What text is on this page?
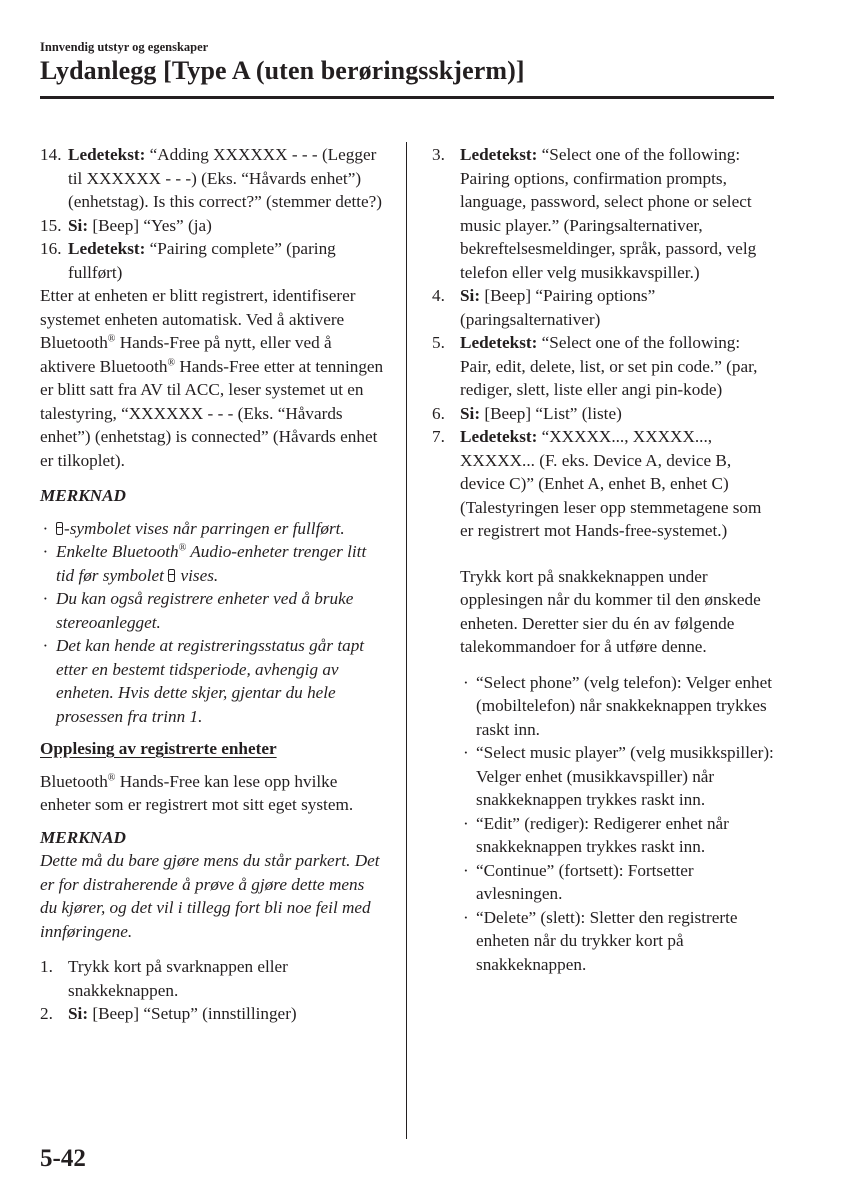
Innvendig utstyr og egenskaper
Lydanlegg [Type A (uten berøringsskjerm)]
14. Ledetekst: “Adding XXXXXX - - - (Legger til XXXXXX - - -) (Eks. “Håvards enhet”) (enhetstag). Is this correct?” (stemmer dette?)
15. Si: [Beep] “Yes” (ja)
16. Ledetekst: “Pairing complete” (paring fullført)

Etter at enheten er blitt registrert, identifiserer systemet enheten automatisk. Ved å aktivere Bluetooth® Hands-Free på nytt, eller ved å aktivere Bluetooth® Hands-Free etter at tenningen er blitt satt fra AV til ACC, leser systemet ut en talestyring, “XXXXXX - - - (Eks. “Håvards enhet”) (enhetstag) is connected” (Håvards enhet er tilkoplet).

MERKNAD
· -symbolet vises når parringen er fullført.
· Enkelte Bluetooth® Audio-enheter trenger litt tid før symbolet  vises.
· Du kan også registrere enheter ved å bruke stereoanlegget.
· Det kan hende at registreringsstatus går tapt etter en bestemt tidsperiode, avhengig av enheten. Hvis dette skjer, gjentar du hele prosessen fra trinn 1.
Opplesing av registrerte enheter

Bluetooth® Hands-Free kan lese opp hvilke enheter som er registrert mot sitt eget system.

MERKNAD

Dette må du bare gjøre mens du står parkert. Det er for distraherende å prøve å gjøre dette mens du kjører, og det vil i tillegg fort bli noe feil med innføringene.

1. Trykk kort på svarknappen eller snakkeknappen.
2. Si: [Beep] “Setup” (innstillinger)
3. Ledetekst: “Select one of the following: Pairing options, confirmation prompts, language, password, select phone or select music player.” (Paringsalternativer, bekreftelsesmeldinger, språk, passord, velg telefon eller velg musikkavspiller.)
4. Si: [Beep] “Pairing options” (paringsalternativer)
5. Ledetekst: “Select one of the following: Pair, edit, delete, list, or set pin code.” (par, rediger, slett, liste eller angi pin-kode)
6. Si: [Beep] “List” (liste)
7. Ledetekst: “XXXXX..., XXXXX..., XXXXX... (F. eks. Device A, device B, device C)” (Enhet A, enhet B, enhet C) (Talestyringen leser opp stemmetagene som er registrert mot Hands-free-systemet.)

Trykk kort på snakkeknappen under opplesingen når du kommer til den ønskede enheten. Deretter sier du én av følgende talekommandoer for å utføre denne.

· “Select phone” (velg telefon): Velger enhet (mobiltelefon) når snakkeknappen trykkes raskt inn.
· “Select music player” (velg musikkspiller): Velger enhet (musikkavspiller) når snakkeknappen trykkes raskt inn.
· “Edit” (rediger): Redigerer enhet når snakkeknappen trykkes raskt inn.
· “Continue” (fortsett): Fortsetter avlesningen.
· “Delete” (slett): Sletter den registrerte enheten når du trykker kort på snakkeknappen.
5-42
